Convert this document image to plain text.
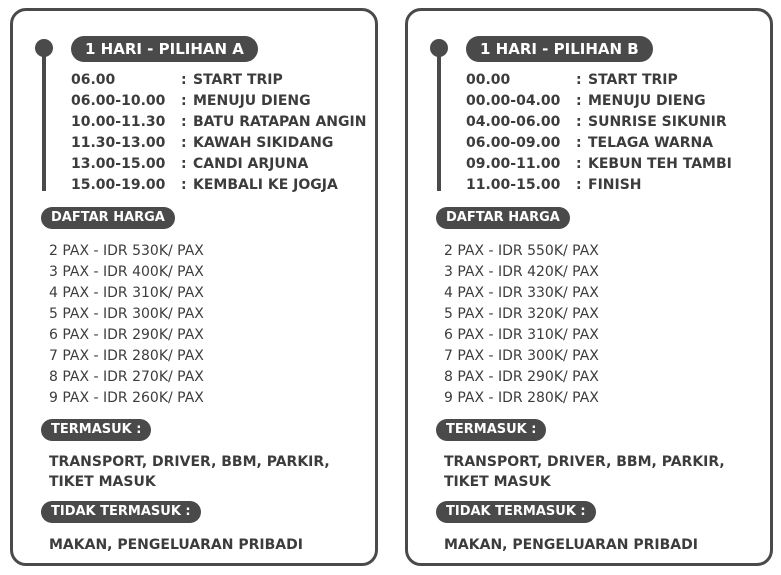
1 HARI - PILIHAN A
06.00	: START TRIP
06.00-10.00	: MENUJU DIENG
10.00-11.30	: BATU RATAPAN ANGIN
11.30-13.00	: KAWAH SIKIDANG
13.00-15.00	: CANDI ARJUNA
15.00-19.00	: KEMBALI KE JOGJA
DAFTAR HARGA
2 PAX - IDR 530K/ PAX
3 PAX - IDR 400K/ PAX
4 PAX - IDR 310K/ PAX
5 PAX - IDR 300K/ PAX
6 PAX - IDR 290K/ PAX
7 PAX - IDR 280K/ PAX
8 PAX - IDR 270K/ PAX
9 PAX - IDR 260K/ PAX
TERMASUK :
TRANSPORT, DRIVER, BBM, PARKIR, TIKET MASUK
TIDAK TERMASUK :
MAKAN, PENGELUARAN PRIBADI
1 HARI - PILIHAN B
00.00	: START TRIP
00.00-04.00	: MENUJU DIENG
04.00-06.00	: SUNRISE SIKUNIR
06.00-09.00	: TELAGA WARNA
09.00-11.00	: KEBUN TEH TAMBI
11.00-15.00	: FINISH
DAFTAR HARGA
2 PAX - IDR 550K/ PAX
3 PAX - IDR 420K/ PAX
4 PAX - IDR 330K/ PAX
5 PAX - IDR 320K/ PAX
6 PAX - IDR 310K/ PAX
7 PAX - IDR 300K/ PAX
8 PAX - IDR 290K/ PAX
9 PAX - IDR 280K/ PAX
TERMASUK :
TRANSPORT, DRIVER, BBM, PARKIR, TIKET MASUK
TIDAK TERMASUK :
MAKAN, PENGELUARAN PRIBADI
